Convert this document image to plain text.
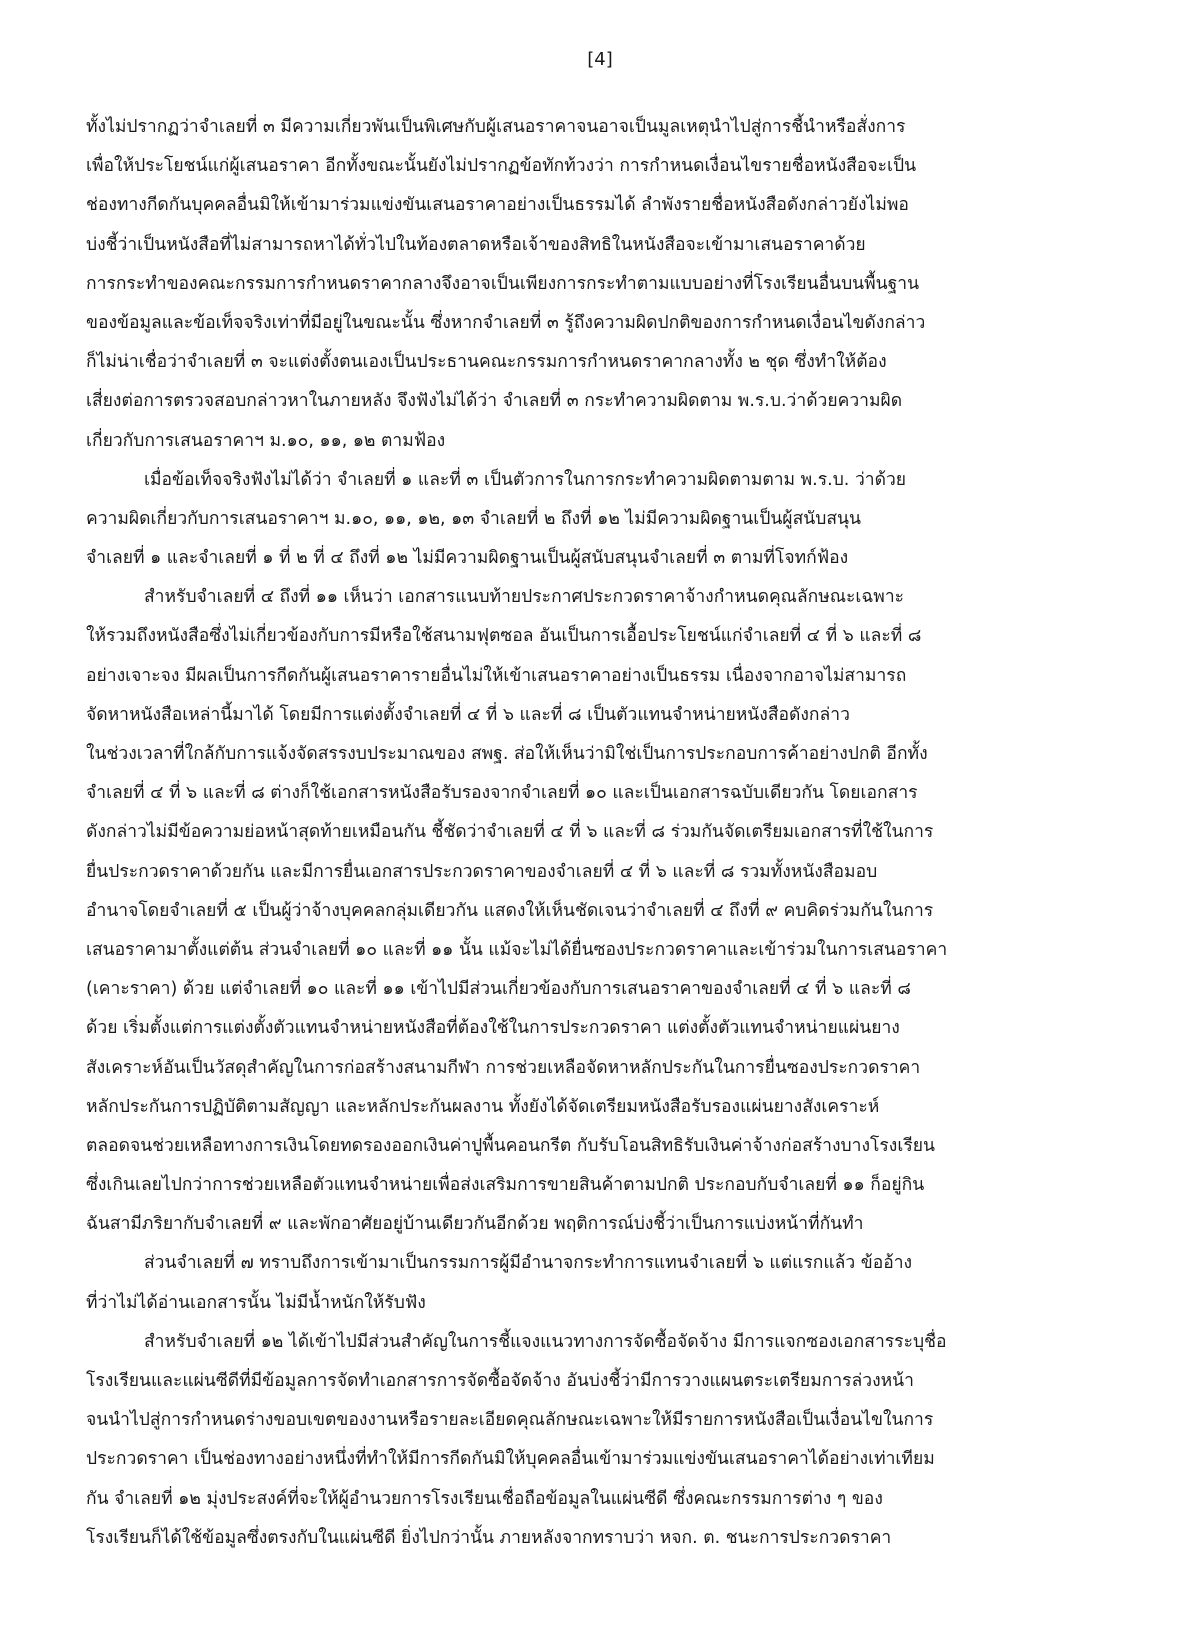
[4]
ทั้งไม่ปรากฏว่าจำเลยที่ ๓ มีความเกี่ยวพันเป็นพิเศษกับผู้เสนอราคาจนอาจเป็นมูลเหตุนำไปสู่การชี้นำหรือสั่งการ
เพื่อให้ประโยชน์แก่ผู้เสนอราคา อีกทั้งขณะนั้นยังไม่ปรากฏข้อทักท้วงว่า การกำหนดเงื่อนไขรายชื่อหนังสือจะเป็น
ช่องทางกีดกันบุคคลอื่นมิให้เข้ามาร่วมแข่งขันเสนอราคาอย่างเป็นธรรมได้ ลำพังรายชื่อหนังสือดังกล่าวยังไม่พอ
บ่งชี้ว่าเป็นหนังสือที่ไม่สามารถหาได้ทั่วไปในท้องตลาดหรือเจ้าของสิทธิในหนังสือจะเข้ามาเสนอราคาด้วย
การกระทำของคณะกรรมการกำหนดราคากลางจึงอาจเป็นเพียงการกระทำตามแบบอย่างที่โรงเรียนอื่นบนพื้นฐาน
ของข้อมูลและข้อเท็จจริงเท่าที่มีอยู่ในขณะนั้น ซึ่งหากจำเลยที่ ๓ รู้ถึงความผิดปกติของการกำหนดเงื่อนไขดังกล่าว
ก็ไม่น่าเชื่อว่าจำเลยที่ ๓ จะแต่งตั้งตนเองเป็นประธานคณะกรรมการกำหนดราคากลางทั้ง ๒ ชุด ซึ่งทำให้ต้อง
เสี่ยงต่อการตรวจสอบกล่าวหาในภายหลัง จึงฟังไม่ได้ว่า จำเลยที่ ๓ กระทำความผิดตาม พ.ร.บ.ว่าด้วยความผิด
เกี่ยวกับการเสนอราคาฯ ม.๑๐, ๑๑, ๑๒ ตามฟ้อง
เมื่อข้อเท็จจริงฟังไม่ได้ว่า จำเลยที่ ๑ และที่ ๓ เป็นตัวการในการกระทำความผิดตามตาม พ.ร.บ. ว่าด้วย
ความผิดเกี่ยวกับการเสนอราคาฯ ม.๑๐, ๑๑, ๑๒, ๑๓ จำเลยที่ ๒ ถึงที่ ๑๒ ไม่มีความผิดฐานเป็นผู้สนับสนุน
จำเลยที่ ๑ และจำเลยที่ ๑ ที่ ๒ ที่ ๔ ถึงที่ ๑๒ ไม่มีความผิดฐานเป็นผู้สนับสนุนจำเลยที่ ๓ ตามที่โจทก์ฟ้อง
สำหรับจำเลยที่ ๔ ถึงที่ ๑๑ เห็นว่า เอกสารแนบท้ายประกาศประกวดราคาจ้างกำหนดคุณลักษณะเฉพาะ
ให้รวมถึงหนังสือซึ่งไม่เกี่ยวข้องกับการมีหรือใช้สนามฟุตซอล อันเป็นการเอื้อประโยชน์แก่จำเลยที่ ๔ ที่ ๖ และที่ ๘
อย่างเจาะจง มีผลเป็นการกีดกันผู้เสนอราคารายอื่นไม่ให้เข้าเสนอราคาอย่างเป็นธรรม เนื่องจากอาจไม่สามารถ
จัดหาหนังสือเหล่านี้มาได้ โดยมีการแต่งตั้งจำเลยที่ ๔ ที่ ๖ และที่ ๘ เป็นตัวแทนจำหน่ายหนังสือดังกล่าว
ในช่วงเวลาที่ใกล้กับการแจ้งจัดสรรงบประมาณของ สพฐ. ส่อให้เห็นว่ามิใช่เป็นการประกอบการค้าอย่างปกติ อีกทั้ง
จำเลยที่ ๔ ที่ ๖ และที่ ๘ ต่างก็ใช้เอกสารหนังสือรับรองจากจำเลยที่ ๑๐ และเป็นเอกสารฉบับเดียวกัน โดยเอกสาร
ดังกล่าวไม่มีข้อความย่อหน้าสุดท้ายเหมือนกัน ชี้ชัดว่าจำเลยที่ ๔ ที่ ๖ และที่ ๘ ร่วมกันจัดเตรียมเอกสารที่ใช้ในการ
ยื่นประกวดราคาด้วยกัน และมีการยื่นเอกสารประกวดราคาของจำเลยที่ ๔ ที่ ๖ และที่ ๘ รวมทั้งหนังสือมอบ
อำนาจโดยจำเลยที่ ๕ เป็นผู้ว่าจ้างบุคคลกลุ่มเดียวกัน แสดงให้เห็นชัดเจนว่าจำเลยที่ ๔ ถึงที่ ๙ คบคิดร่วมกันในการ
เสนอราคามาตั้งแต่ต้น ส่วนจำเลยที่ ๑๐ และที่ ๑๑ นั้น แม้จะไม่ได้ยื่นซองประกวดราคาและเข้าร่วมในการเสนอราคา
(เคาะราคา) ด้วย แต่จำเลยที่ ๑๐ และที่ ๑๑ เข้าไปมีส่วนเกี่ยวข้องกับการเสนอราคาของจำเลยที่ ๔ ที่ ๖ และที่ ๘
ด้วย เริ่มตั้งแต่การแต่งตั้งตัวแทนจำหน่ายหนังสือที่ต้องใช้ในการประกวดราคา แต่งตั้งตัวแทนจำหน่ายแผ่นยาง
สังเคราะห์อันเป็นวัสดุสำคัญในการก่อสร้างสนามกีฬา การช่วยเหลือจัดหาหลักประกันในการยื่นซองประกวดราคา
หลักประกันการปฏิบัติตามสัญญา และหลักประกันผลงาน ทั้งยังได้จัดเตรียมหนังสือรับรองแผ่นยางสังเคราะห์
ตลอดจนช่วยเหลือทางการเงินโดยทดรองออกเงินค่าปูพื้นคอนกรีต กับรับโอนสิทธิรับเงินค่าจ้างก่อสร้างบางโรงเรียน
ซึ่งเกินเลยไปกว่าการช่วยเหลือตัวแทนจำหน่ายเพื่อส่งเสริมการขายสินค้าตามปกติ ประกอบกับจำเลยที่ ๑๑ ก็อยู่กิน
ฉันสามีภริยากับจำเลยที่ ๙ และพักอาศัยอยู่บ้านเดียวกันอีกด้วย พฤติการณ์บ่งชี้ว่าเป็นการแบ่งหน้าที่กันทำ
ส่วนจำเลยที่ ๗ ทราบถึงการเข้ามาเป็นกรรมการผู้มีอำนาจกระทำการแทนจำเลยที่ ๖ แต่แรกแล้ว ข้ออ้าง
ที่ว่าไม่ได้อ่านเอกสารนั้น ไม่มีน้ำหนักให้รับฟัง
สำหรับจำเลยที่ ๑๒ ได้เข้าไปมีส่วนสำคัญในการชี้แจงแนวทางการจัดซื้อจัดจ้าง มีการแจกซองเอกสารระบุชื่อ
โรงเรียนและแผ่นซีดีที่มีข้อมูลการจัดทำเอกสารการจัดซื้อจัดจ้าง อันบ่งชี้ว่ามีการวางแผนตระเตรียมการล่วงหน้า
จนนำไปสู่การกำหนดร่างขอบเขตของงานหรือรายละเอียดคุณลักษณะเฉพาะให้มีรายการหนังสือเป็นเงื่อนไขในการ
ประกวดราคา เป็นช่องทางอย่างหนึ่งที่ทำให้มีการกีดกันมิให้บุคคลอื่นเข้ามาร่วมแข่งขันเสนอราคาได้อย่างเท่าเทียม
กัน จำเลยที่ ๑๒ มุ่งประสงค์ที่จะให้ผู้อำนวยการโรงเรียนเชื่อถือข้อมูลในแผ่นซีดี ซึ่งคณะกรรมการต่าง ๆ ของ
โรงเรียนก็ได้ใช้ข้อมูลซึ่งตรงกับในแผ่นซีดี ยิ่งไปกว่านั้น ภายหลังจากทราบว่า หจก. ต. ชนะการประกวดราคา
